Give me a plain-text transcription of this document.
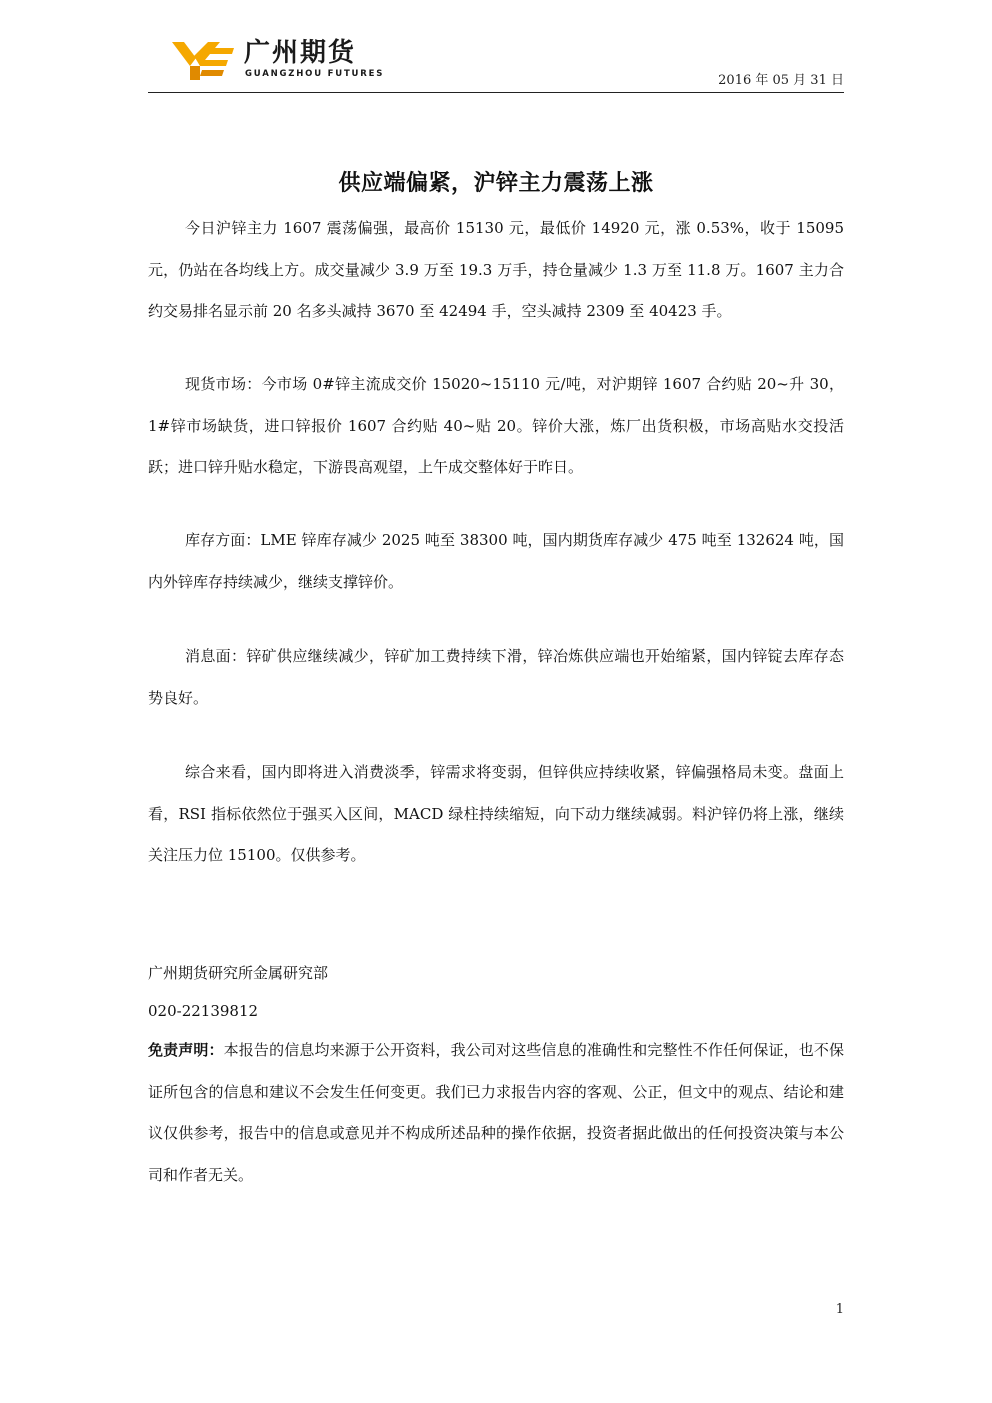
广州期货
GUANGZHOU FUTURES	2016 年 05 月 31 日
供应端偏紧，沪锌主力震荡上涨

今日沪锌主力 1607 震荡偏强，最高价 15130 元，最低价 14920 元，涨 0.53%，收于 15095 元，仍站在各均线上方。成交量减少 3.9 万至 19.3 万手，持仓量减少 1.3 万至 11.8 万。1607 主力合约交易排名显示前 20 名多头减持 3670 至 42494 手，空头减持 2309 至 40423 手。

现货市场：今市场 0#锌主流成交价 15020~15110 元/吨，对沪期锌 1607 合约贴 20~升 30，1#锌市场缺货，进口锌报价 1607 合约贴 40~贴 20。锌价大涨，炼厂出货积极，市场高贴水交投活跃；进口锌升贴水稳定，下游畏高观望，上午成交整体好于昨日。

库存方面：LME 锌库存减少 2025 吨至 38300 吨，国内期货库存减少 475 吨至 132624 吨，国内外锌库存持续减少，继续支撑锌价。

消息面：锌矿供应继续减少，锌矿加工费持续下滑，锌冶炼供应端也开始缩紧，国内锌锭去库存态势良好。

综合来看，国内即将进入消费淡季，锌需求将变弱，但锌供应持续收紧，锌偏强格局未变。盘面上看，RSI 指标依然位于强买入区间，MACD 绿柱持续缩短，向下动力继续减弱。料沪锌仍将上涨，继续关注压力位 15100。仅供参考。

广州期货研究所金属研究部

020-22139812

免责声明：本报告的信息均来源于公开资料，我公司对这些信息的准确性和完整性不作任何保证，也不保证所包含的信息和建议不会发生任何变更。我们已力求报告内容的客观、公正，但文中的观点、结论和建议仅供参考，报告中的信息或意见并不构成所述品种的操作依据，投资者据此做出的任何投资决策与本公司和作者无关。

1
